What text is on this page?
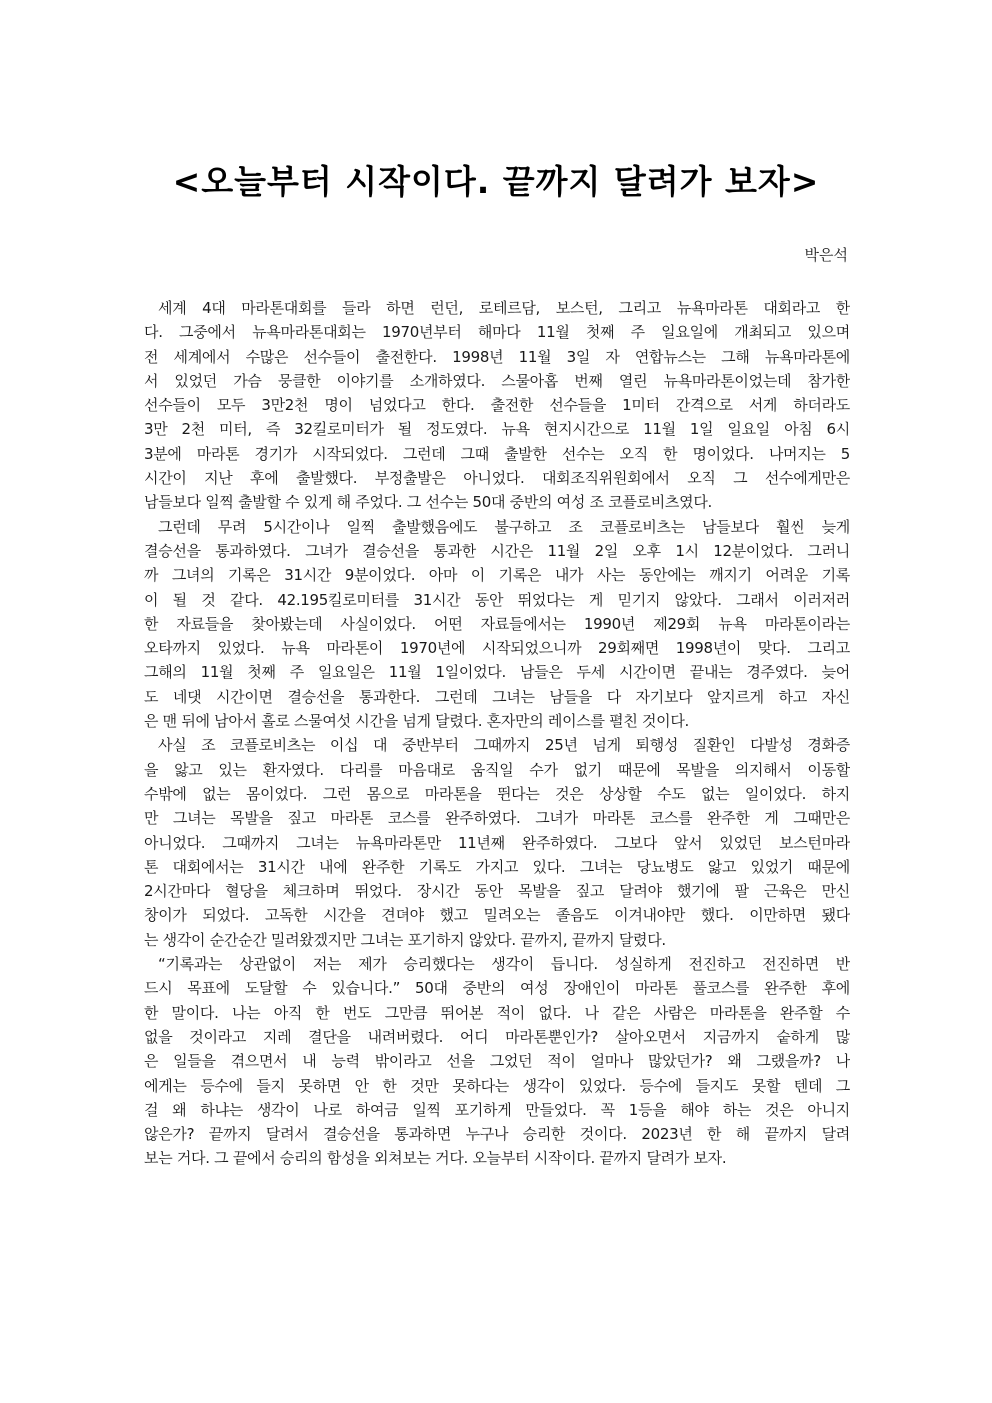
<오늘부터 시작이다. 끝까지 달려가 보자>
박은석
세계 4대 마라톤대회를 들라 하면 런던, 로테르담, 보스턴, 그리고 뉴욕마라톤 대회라고 한
다. 그중에서 뉴욕마라톤대회는 1970년부터 해마다 11월 첫째 주 일요일에 개최되고 있으며
전 세계에서 수많은 선수들이 출전한다. 1998년 11월 3일 자 연합뉴스는 그해 뉴욕마라톤에
서 있었던 가슴 뭉클한 이야기를 소개하였다. 스물아홉 번째 열린 뉴욕마라톤이었는데 참가한
선수들이 모두 3만2천 명이 넘었다고 한다. 출전한 선수들을 1미터 간격으로 서게 하더라도
3만 2천 미터, 즉 32킬로미터가 될 정도였다. 뉴욕 현지시간으로 11월 1일 일요일 아침 6시
3분에 마라톤 경기가 시작되었다. 그런데 그때 출발한 선수는 오직 한 명이었다. 나머지는 5
시간이 지난 후에 출발했다. 부정출발은 아니었다. 대회조직위원회에서 오직 그 선수에게만은
남들보다 일찍 출발할 수 있게 해 주었다. 그 선수는 50대 중반의 여성 조 코플로비츠였다.
그런데 무려 5시간이나 일찍 출발했음에도 불구하고 조 코플로비츠는 남들보다 훨씬 늦게
결승선을 통과하였다. 그녀가 결승선을 통과한 시간은 11월 2일 오후 1시 12분이었다. 그러니
까 그녀의 기록은 31시간 9분이었다. 아마 이 기록은 내가 사는 동안에는 깨지기 어려운 기록
이 될 것 같다. 42.195킬로미터를 31시간 동안 뛰었다는 게 믿기지 않았다. 그래서 이러저러
한 자료들을 찾아봤는데 사실이었다. 어떤 자료들에서는 1990년 제29회 뉴욕 마라톤이라는
오타까지 있었다. 뉴욕 마라톤이 1970년에 시작되었으니까 29회째면 1998년이 맞다. 그리고
그해의 11월 첫째 주 일요일은 11월 1일이었다. 남들은 두세 시간이면 끝내는 경주였다. 늦어
도 네댓 시간이면 결승선을 통과한다. 그런데 그녀는 남들을 다 자기보다 앞지르게 하고 자신
은 맨 뒤에 남아서 홀로 스물여섯 시간을 넘게 달렸다. 혼자만의 레이스를 펼친 것이다.
사실 조 코플로비츠는 이십 대 중반부터 그때까지 25년 넘게 퇴행성 질환인 다발성 경화증
을 앓고 있는 환자였다. 다리를 마음대로 움직일 수가 없기 때문에 목발을 의지해서 이동할
수밖에 없는 몸이었다. 그런 몸으로 마라톤을 뛴다는 것은 상상할 수도 없는 일이었다. 하지
만 그녀는 목발을 짚고 마라톤 코스를 완주하였다. 그녀가 마라톤 코스를 완주한 게 그때만은
아니었다. 그때까지 그녀는 뉴욕마라톤만 11년째 완주하였다. 그보다 앞서 있었던 보스턴마라
톤 대회에서는 31시간 내에 완주한 기록도 가지고 있다. 그녀는 당뇨병도 앓고 있었기 때문에
2시간마다 혈당을 체크하며 뛰었다. 장시간 동안 목발을 짚고 달려야 했기에 팔 근육은 만신
창이가 되었다. 고독한 시간을 견뎌야 했고 밀려오는 졸음도 이겨내야만 했다. 이만하면 됐다
는 생각이 순간순간 밀려왔겠지만 그녀는 포기하지 않았다. 끝까지, 끝까지 달렸다.
“기록과는 상관없이 저는 제가 승리했다는 생각이 듭니다. 성실하게 전진하고 전진하면 반
드시 목표에 도달할 수 있습니다.” 50대 중반의 여성 장애인이 마라톤 풀코스를 완주한 후에
한 말이다. 나는 아직 한 번도 그만큼 뛰어본 적이 없다. 나 같은 사람은 마라톤을 완주할 수
없을 것이라고 지레 결단을 내려버렸다. 어디 마라톤뿐인가? 살아오면서 지금까지 숱하게 많
은 일들을 겪으면서 내 능력 밖이라고 선을 그었던 적이 얼마나 많았던가? 왜 그랬을까? 나
에게는 등수에 들지 못하면 안 한 것만 못하다는 생각이 있었다. 등수에 들지도 못할 텐데 그
걸 왜 하냐는 생각이 나로 하여금 일찍 포기하게 만들었다. 꼭 1등을 해야 하는 것은 아니지
않은가? 끝까지 달려서 결승선을 통과하면 누구나 승리한 것이다. 2023년 한 해 끝까지 달려
보는 거다. 그 끝에서 승리의 함성을 외쳐보는 거다. 오늘부터 시작이다. 끝까지 달려가 보자.
